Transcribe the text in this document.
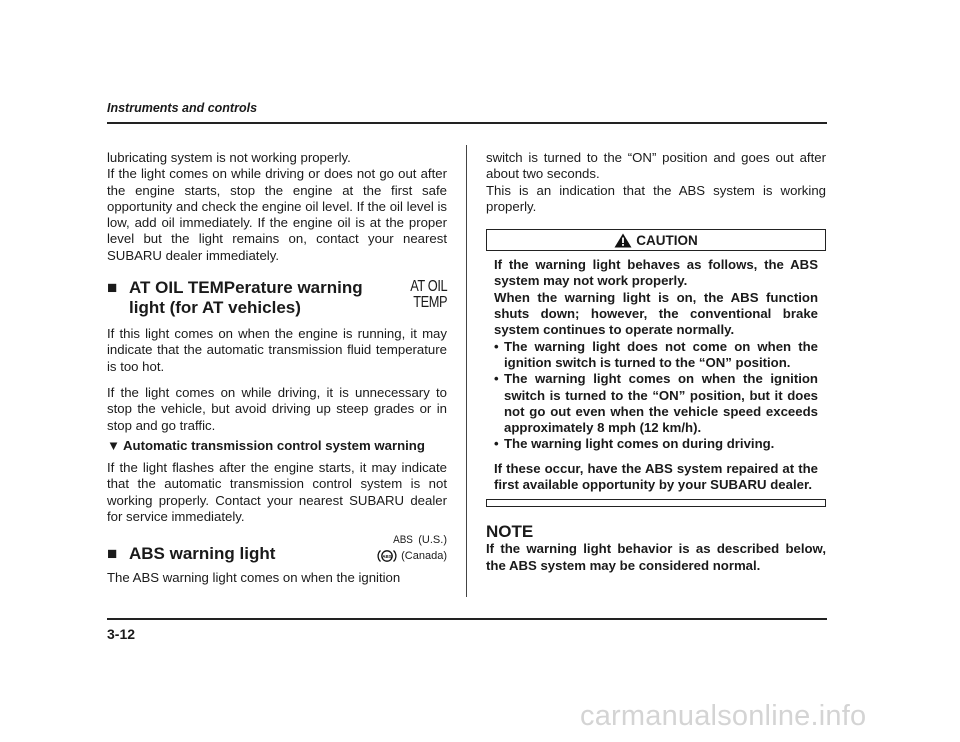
Instruments and controls

lubricating system is not working properly.

If the light comes on while driving or does not go out after the engine starts, stop the engine at the first safe opportunity and check the engine oil level. If the oil level is low, add oil immediately. If the engine oil is at the proper level but the light remains on, contact your nearest SUBARU dealer immediately.

■ AT OIL TEMPerature warning light (for AT vehicles)
AT OIL
TEMP

If this light comes on when the engine is running, it may indicate that the automatic transmission fluid temperature is too hot.

If the light comes on while driving, it is unnecessary to stop the vehicle, but avoid driving up steep grades or in stop and go traffic.

▼ Automatic transmission control system warning

If the light flashes after the engine starts, it may indicate that the automatic transmission control system is not working properly. Contact your nearest SUBARU dealer for service immediately.

■ ABS warning light
ABS (U.S.)
ABS (Canada)

The ABS warning light comes on when the ignition

switch is turned to the “ON” position and goes out after about two seconds.

This is an indication that the ABS system is working properly.

CAUTION

If the warning light behaves as follows, the ABS system may not work properly.

When the warning light is on, the ABS function shuts down; however, the conventional brake system continues to operate normally.

• The warning light does not come on when the ignition switch is turned to the “ON” position.

• The warning light comes on when the ignition switch is turned to the “ON” position, but it does not go out even when the vehicle speed exceeds approximately 8 mph (12 km/h).

• The warning light comes on during driving.

If these occur, have the ABS system repaired at the first available opportunity by your SUBARU dealer.

NOTE

If the warning light behavior is as described below, the ABS system may be considered normal.

3-12
carmanualsonline.info
